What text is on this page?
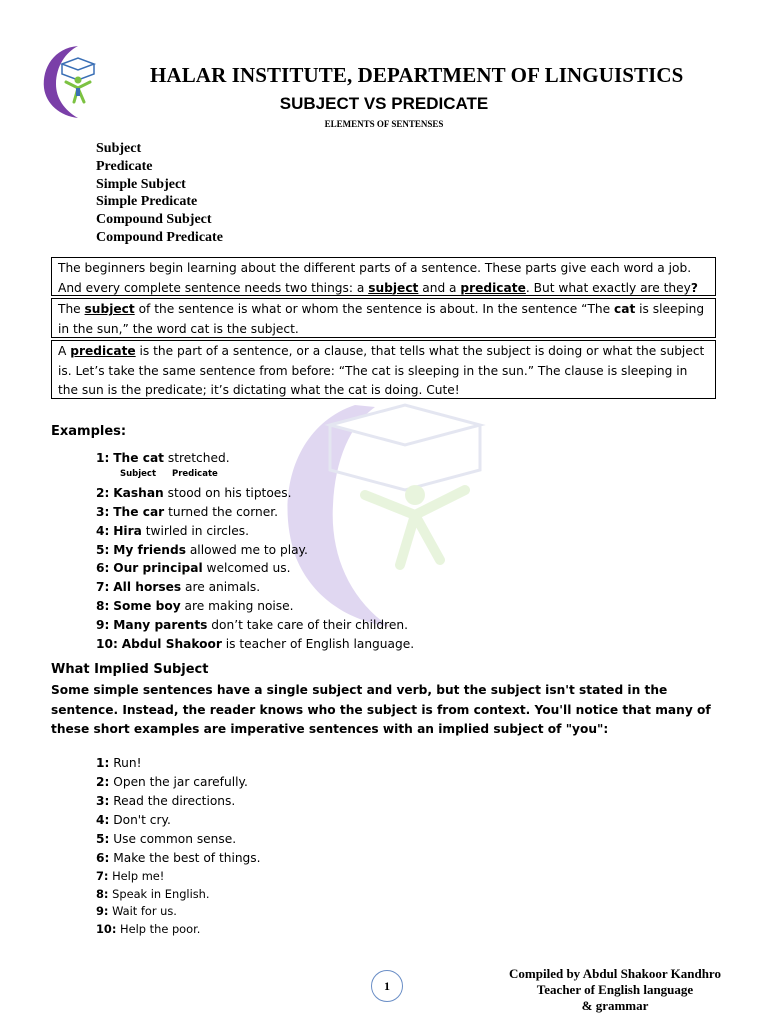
HALAR INSTITUTE, DEPARTMENT OF LINGUISTICS
SUBJECT VS PREDICATE
ELEMENTS OF SENTENSES
Subject
Predicate
Simple Subject
Simple Predicate
Compound Subject
Compound Predicate
The beginners begin learning about the different parts of a sentence. These parts give each word a job. And every complete sentence needs two things: a subject and a predicate. But what exactly are they?
The subject of the sentence is what or whom the sentence is about. In the sentence “The cat is sleeping in the sun,” the word cat is the subject.
A predicate is the part of a sentence, or a clause, that tells what the subject is doing or what the subject is. Let’s take the same sentence from before: “The cat is sleeping in the sun.” The clause is sleeping in the sun is the predicate; it’s dictating what the cat is doing. Cute!
Examples:
1: The cat stretched.
Subject Predicate
2: Kashan stood on his tiptoes.
3: The car turned the corner.
4: Hira twirled in circles.
5: My friends allowed me to play.
6: Our principal welcomed us.
7: All horses are animals.
8: Some boy are making noise.
9: Many parents don’t take care of their children.
10: Abdul Shakoor is teacher of English language.
What Implied Subject
Some simple sentences have a single subject and verb, but the subject isn't stated in the sentence. Instead, the reader knows who the subject is from context. You'll notice that many of these short examples are imperative sentences with an implied subject of "you":
1: Run!
2: Open the jar carefully.
3: Read the directions.
4: Don't cry.
5: Use common sense.
6: Make the best of things.
7: Help me!
8: Speak in English.
9: Wait for us.
10: Help the poor.
1
Compiled by Abdul Shakoor Kandhro
Teacher of English language
& grammar
